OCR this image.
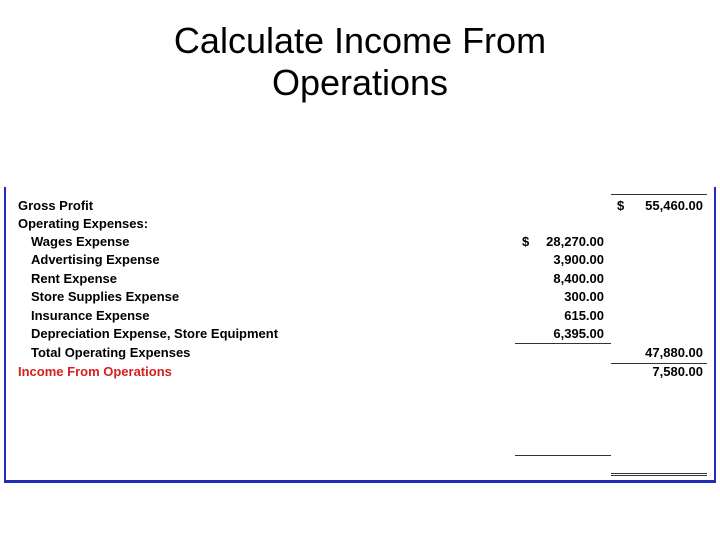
Calculate Income From
Operations
Gross Profit	$	55,460.00
Operating Expenses:
Wages Expense	$	28,270.00
Advertising Expense	3,900.00
Rent Expense	8,400.00
Store Supplies Expense	300.00
Insurance Expense	615.00
Depreciation Expense, Store Equipment	6,395.00
Total Operating Expenses	47,880.00
Income From Operations	7,580.00
